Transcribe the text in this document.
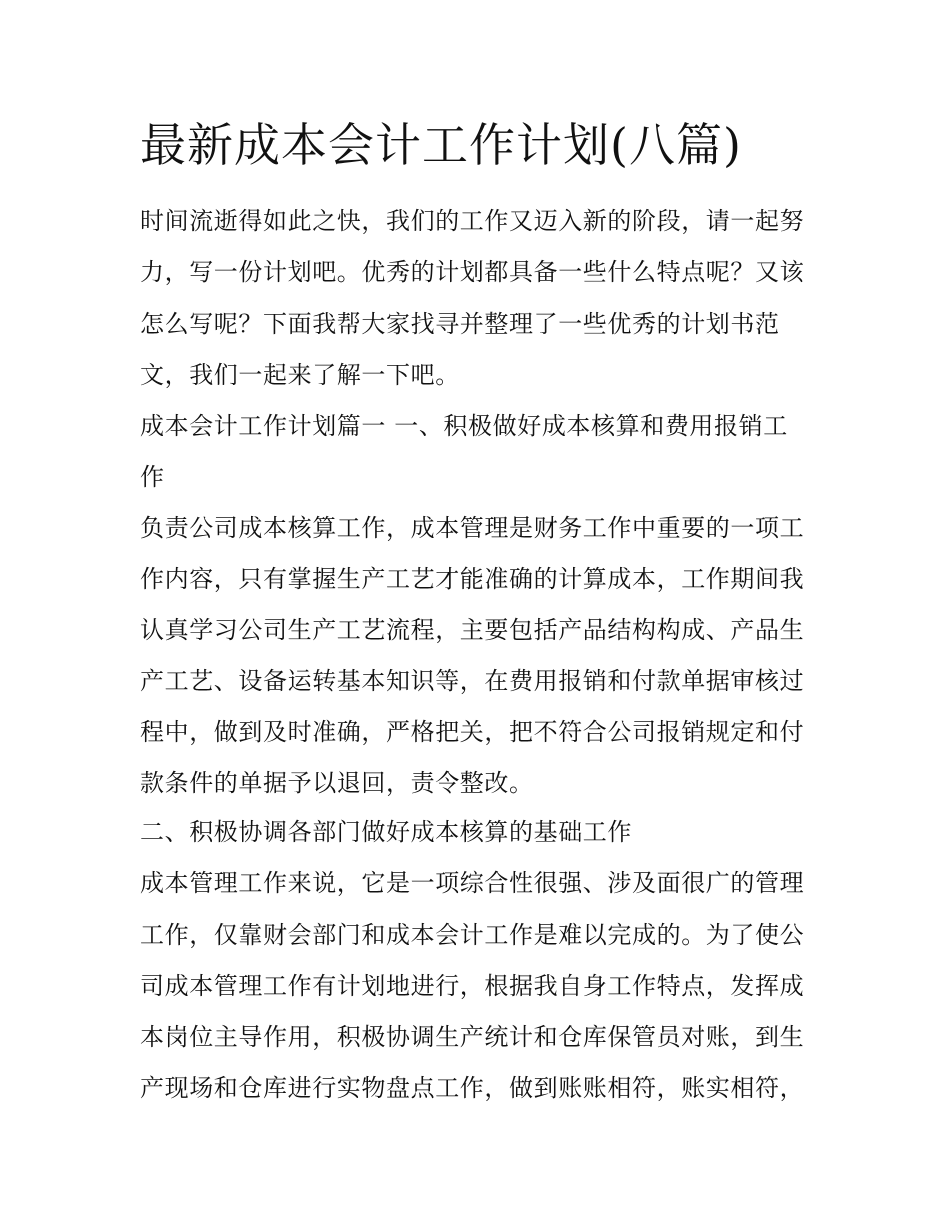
最新成本会计工作计划(八篇)

时间流逝得如此之快，我们的工作又迈入新的阶段，请一起努

力，写一份计划吧。优秀的计划都具备一些什么特点呢？又该

怎么写呢？下面我帮大家找寻并整理了一些优秀的计划书范

文，我们一起来了解一下吧。

成本会计工作计划篇一 一、积极做好成本核算和费用报销工

作

负责公司成本核算工作，成本管理是财务工作中重要的一项工

作内容，只有掌握生产工艺才能准确的计算成本，工作期间我

认真学习公司生产工艺流程，主要包括产品结构构成、产品生

产工艺、设备运转基本知识等，在费用报销和付款单据审核过

程中，做到及时准确，严格把关，把不符合公司报销规定和付

款条件的单据予以退回，责令整改。

二、积极协调各部门做好成本核算的基础工作

成本管理工作来说，它是一项综合性很强、涉及面很广的管理

工作，仅靠财会部门和成本会计工作是难以完成的。为了使公

司成本管理工作有计划地进行，根据我自身工作特点，发挥成

本岗位主导作用，积极协调生产统计和仓库保管员对账，到生

产现场和仓库进行实物盘点工作，做到账账相符，账实相符，
